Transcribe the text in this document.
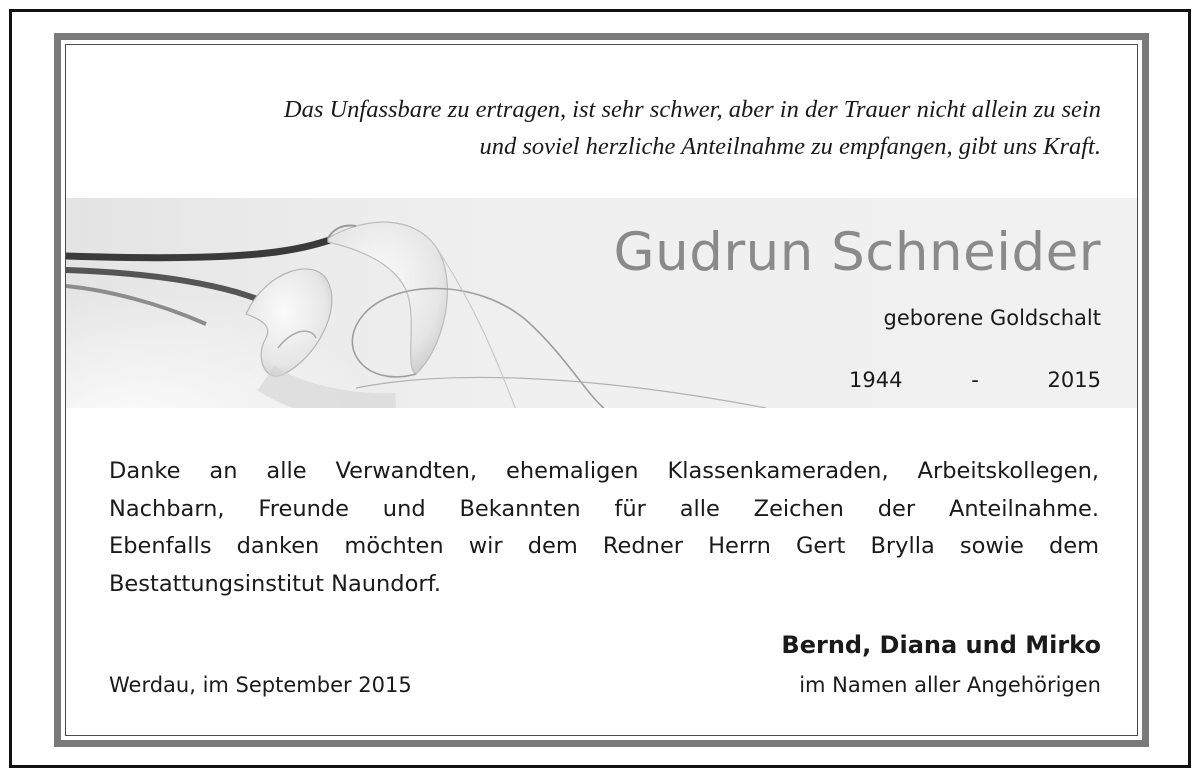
Das Unfassbare zu ertragen, ist sehr schwer, aber in der Trauer nicht allein zu sein
und soviel herzliche Anteilnahme zu empfangen, gibt uns Kraft.
Gudrun Schneider
geborene Goldschalt
1944	-	2015
Danke an alle Verwandten, ehemaligen Klassenkameraden, Arbeitskollegen,
Nachbarn, Freunde und Bekannten für alle Zeichen der Anteilnahme.
Ebenfalls danken möchten wir dem Redner Herrn Gert Brylla sowie dem
Bestattungsinstitut Naundorf.
Bernd, Diana und Mirko
Werdau, im September 2015	im Namen aller Angehörigen
